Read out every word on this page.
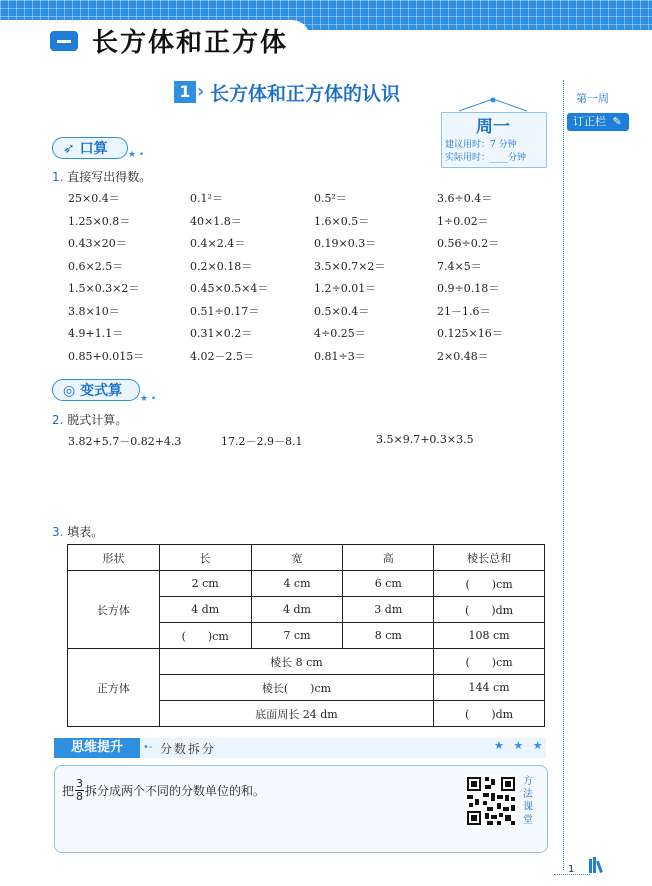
长方体和正方体
1 › 长方体和正方体的认识
周一
建议用时：7 分钟
实际用时：____分钟
第一周
订正栏 ✎
➶ 口算	★ •
1. 直接写出得数。
25×0.4＝	0.1²＝	0.5²＝	3.6÷0.4＝
1.25×0.8＝	40×1.8＝	1.6×0.5＝	1÷0.02＝
0.43×20＝	0.4×2.4＝	0.19×0.3＝	0.56÷0.2＝
0.6×2.5＝	0.2×0.18＝	3.5×0.7×2＝	7.4×5＝
1.5×0.3×2＝	0.45×0.5×4＝	1.2÷0.01＝	0.9÷0.18＝
3.8×10＝	0.51÷0.17＝	0.5×0.4＝	21－1.6＝
4.9+1.1＝	0.31×0.2＝	4÷0.25＝	0.125×16＝
0.85+0.015＝	4.02－2.5＝	0.81÷3＝	2×0.48＝
◎ 变式算	★ •
2. 脱式计算。
3.82+5.7－0.82+4.3	17.2－2.9－8.1	3.5×9.7+0.3×3.5
3. 填表。
形状	长	宽	高	棱长总和
长方体	2 cm	4 cm	6 cm	(　　)cm
	4 dm	4 dm	3 dm	(　　)dm
	(　　)cm	7 cm	8 cm	108 cm
正方体	棱长 8 cm			(　　)cm
	棱长(　　)cm			144 cm
	底面周长 24 dm			(　　)dm
思维提升	•- 分数拆分	★ ★ ★
把 $\frac{3}{8}$ 拆分成两个不同的分数单位的和。
方
法
课
堂
1
